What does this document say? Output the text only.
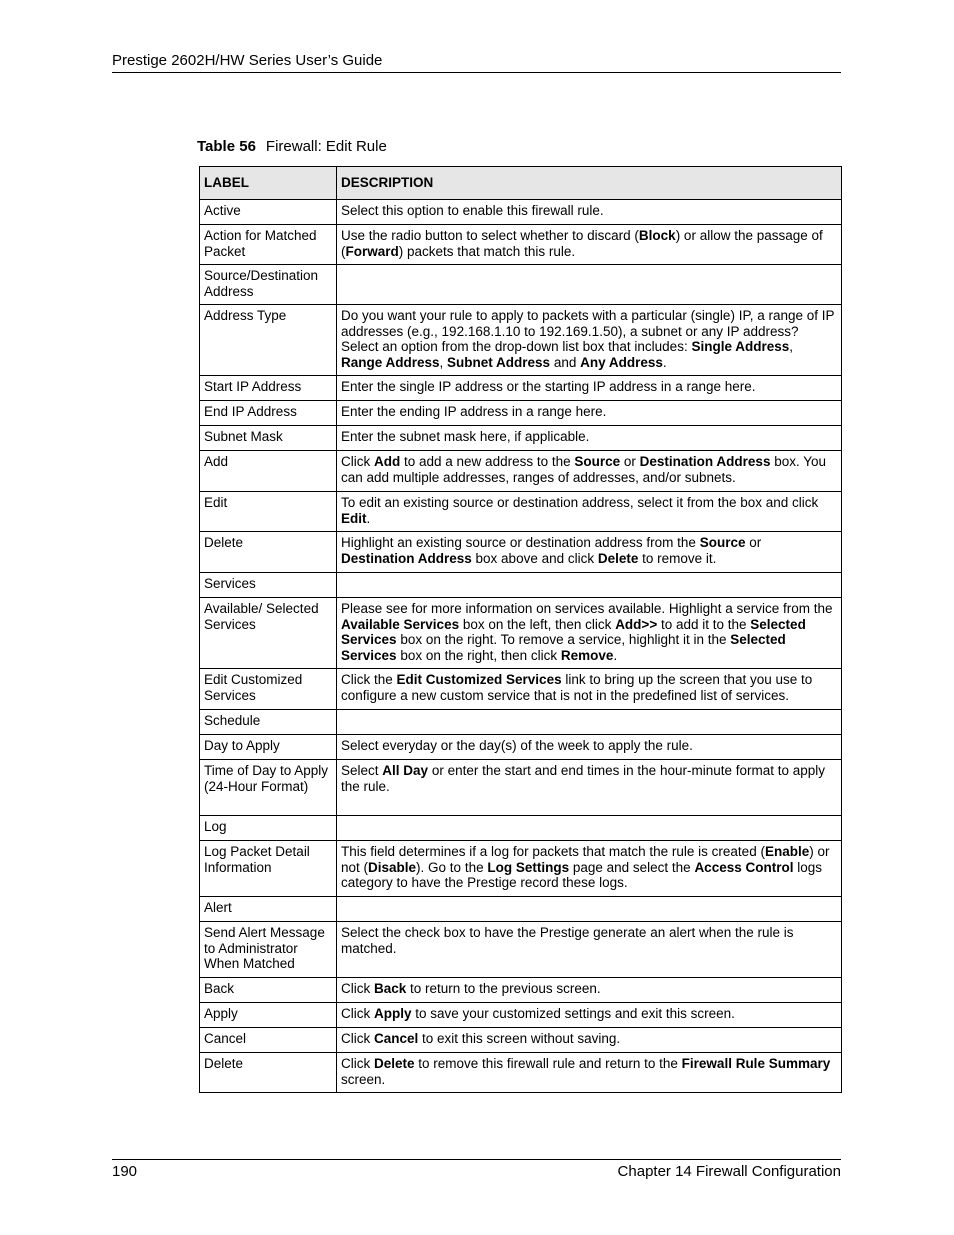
Prestige 2602H/HW Series User’s Guide
Table 56 Firewall: Edit Rule
LABEL	DESCRIPTION
Active	Select this option to enable this firewall rule.
Action for Matched Packet	Use the radio button to select whether to discard (Block) or allow the passage of (Forward) packets that match this rule.
Source/Destination Address	
Address Type	Do you want your rule to apply to packets with a particular (single) IP, a range of IP addresses (e.g., 192.168.1.10 to 192.169.1.50), a subnet or any IP address? Select an option from the drop-down list box that includes: Single Address, Range Address, Subnet Address and Any Address.
Start IP Address	Enter the single IP address or the starting IP address in a range here.
End IP Address	Enter the ending IP address in a range here.
Subnet Mask	Enter the subnet mask here, if applicable.
Add	Click Add to add a new address to the Source or Destination Address box. You can add multiple addresses, ranges of addresses, and/or subnets.
Edit	To edit an existing source or destination address, select it from the box and click Edit.
Delete	Highlight an existing source or destination address from the Source or Destination Address box above and click Delete to remove it.
Services	
Available/ Selected Services	Please see for more information on services available. Highlight a service from the Available Services box on the left, then click Add>> to add it to the Selected Services box on the right. To remove a service, highlight it in the Selected Services box on the right, then click Remove.
Edit Customized Services	Click the Edit Customized Services link to bring up the screen that you use to configure a new custom service that is not in the predefined list of services.
Schedule	
Day to Apply	Select everyday or the day(s) of the week to apply the rule.
Time of Day to Apply (24-Hour Format)	Select All Day or enter the start and end times in the hour-minute format to apply the rule.
Log	
Log Packet Detail Information	This field determines if a log for packets that match the rule is created (Enable) or not (Disable). Go to the Log Settings page and select the Access Control logs category to have the Prestige record these logs.
Alert	
Send Alert Message to Administrator When Matched	Select the check box to have the Prestige generate an alert when the rule is matched.
Back	Click Back to return to the previous screen.
Apply	Click Apply to save your customized settings and exit this screen.
Cancel	Click Cancel to exit this screen without saving.
Delete	Click Delete to remove this firewall rule and return to the Firewall Rule Summary screen.
190	Chapter 14 Firewall Configuration
